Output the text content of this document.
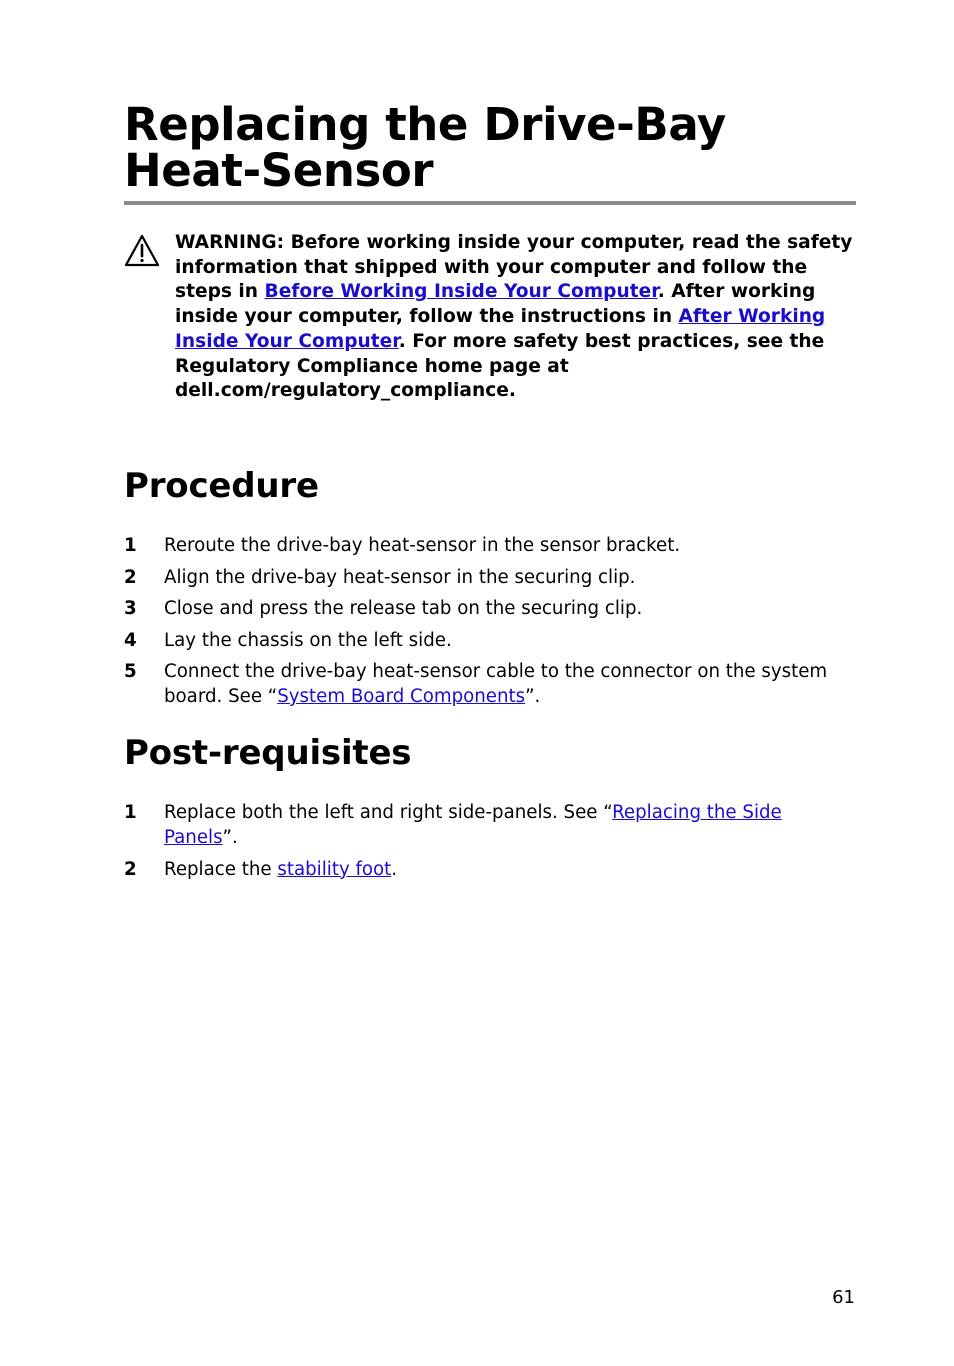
Replacing the Drive-Bay
Heat-Sensor

WARNING: Before working inside your computer, read the safety information that shipped with your computer and follow the steps in Before Working Inside Your Computer. After working inside your computer, follow the instructions in After Working Inside Your Computer. For more safety best practices, see the Regulatory Compliance home page at dell.com/regulatory_compliance.

Procedure
1 Reroute the drive-bay heat-sensor in the sensor bracket.
2 Align the drive-bay heat-sensor in the securing clip.
3 Close and press the release tab on the securing clip.
4 Lay the chassis on the left side.
5 Connect the drive-bay heat-sensor cable to the connector on the system board. See “System Board Components”.
Post-requisites
1 Replace both the left and right side-panels. See “Replacing the Side Panels”.
2 Replace the stability foot.
61
